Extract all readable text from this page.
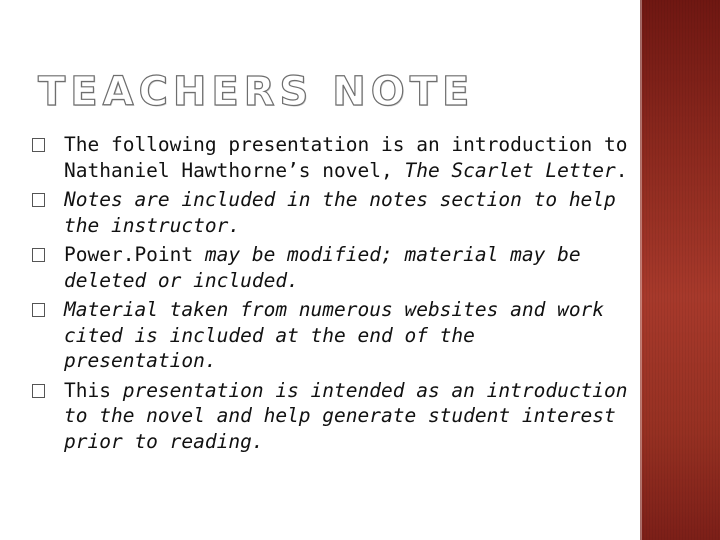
TEACHERS NOTE
The following presentation is an introduction to Nathaniel Hawthorne’s novel, The Scarlet Letter.
Notes are included in the notes section to help the instructor.
Power.Point may be modified; material may be deleted or included.
Material taken from numerous websites and work cited is included at the end of the presentation.
This presentation is intended as an introduction to the novel and help generate student interest prior to reading.
